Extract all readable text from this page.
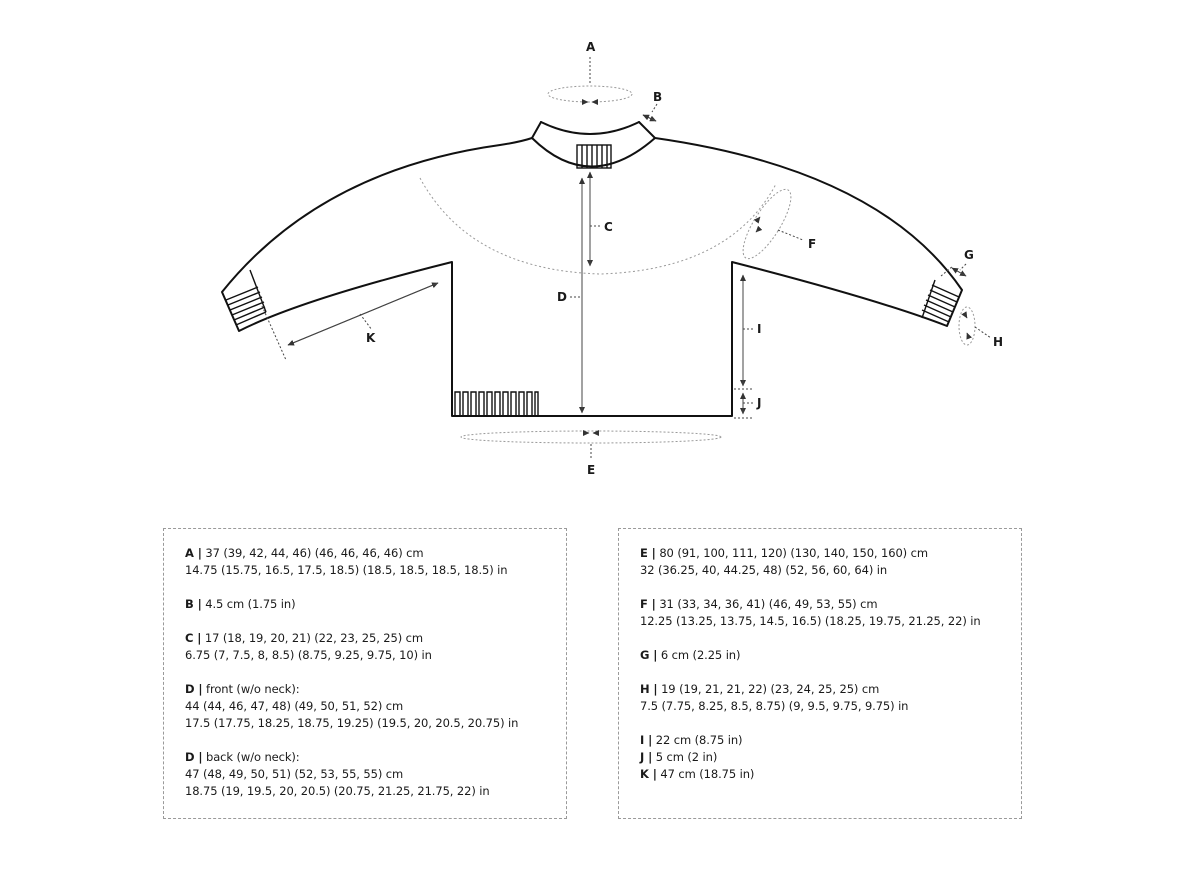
A
B
C
D
E
F
G
H
I
J
K
A | 37 (39, 42, 44, 46) (46, 46, 46, 46) cm
14.75 (15.75, 16.5, 17.5, 18.5) (18.5, 18.5, 18.5, 18.5) in
B | 4.5 cm (1.75 in)
C | 17 (18, 19, 20, 21) (22, 23, 25, 25) cm
6.75 (7, 7.5, 8, 8.5) (8.75, 9.25, 9.75, 10) in
D | front (w/o neck):
44 (44, 46, 47, 48) (49, 50, 51, 52) cm
17.5 (17.75, 18.25, 18.75, 19.25) (19.5, 20, 20.5, 20.75) in
D | back (w/o neck):
47 (48, 49, 50, 51) (52, 53, 55, 55) cm
18.75 (19, 19.5, 20, 20.5) (20.75, 21.25, 21.75, 22) in
E | 80 (91, 100, 111, 120) (130, 140, 150, 160) cm
32 (36.25, 40, 44.25, 48) (52, 56, 60, 64) in
F | 31 (33, 34, 36, 41) (46, 49, 53, 55) cm
12.25 (13.25, 13.75, 14.5, 16.5) (18.25, 19.75, 21.25, 22) in
G | 6 cm (2.25 in)
H | 19 (19, 21, 21, 22) (23, 24, 25, 25) cm
7.5 (7.75, 8.25, 8.5, 8.75) (9, 9.5, 9.75, 9.75) in
I | 22 cm (8.75 in)
J | 5 cm (2 in)
K | 47 cm (18.75 in)
